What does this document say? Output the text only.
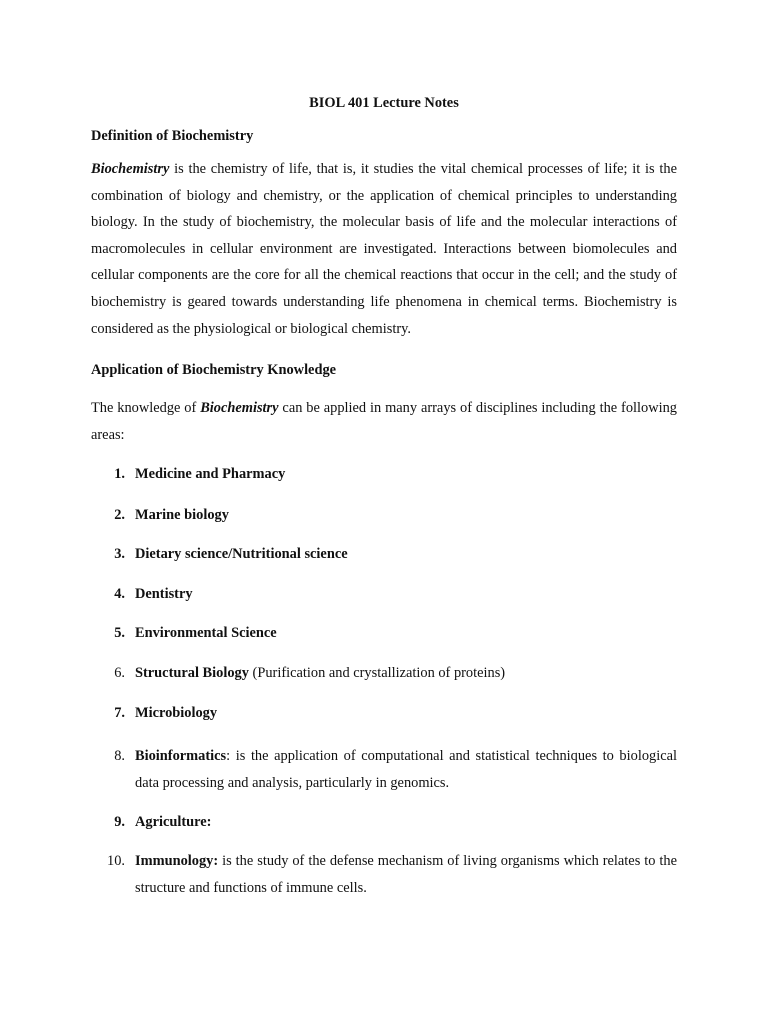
BIOL 401 Lecture Notes
Definition of Biochemistry

Biochemistry is the chemistry of life, that is, it studies the vital chemical processes of life; it is the combination of biology and chemistry, or the application of chemical principles to understanding biology. In the study of biochemistry, the molecular basis of life and the molecular interactions of macromolecules in cellular environment are investigated. Interactions between biomolecules and cellular components are the core for all the chemical reactions that occur in the cell; and the study of biochemistry is geared towards understanding life phenomena in chemical terms. Biochemistry is considered as the physiological or biological chemistry.

Application of Biochemistry Knowledge

The knowledge of Biochemistry can be applied in many arrays of disciplines including the following areas:

1. Medicine and Pharmacy
2. Marine biology
3. Dietary science/Nutritional science
4. Dentistry
5. Environmental Science
6. Structural Biology (Purification and crystallization of proteins)
7. Microbiology
8. Bioinformatics: is the application of computational and statistical techniques to biological data processing and analysis, particularly in genomics.
9. Agriculture:
10. Immunology: is the study of the defense mechanism of living organisms which relates to the structure and functions of immune cells.
